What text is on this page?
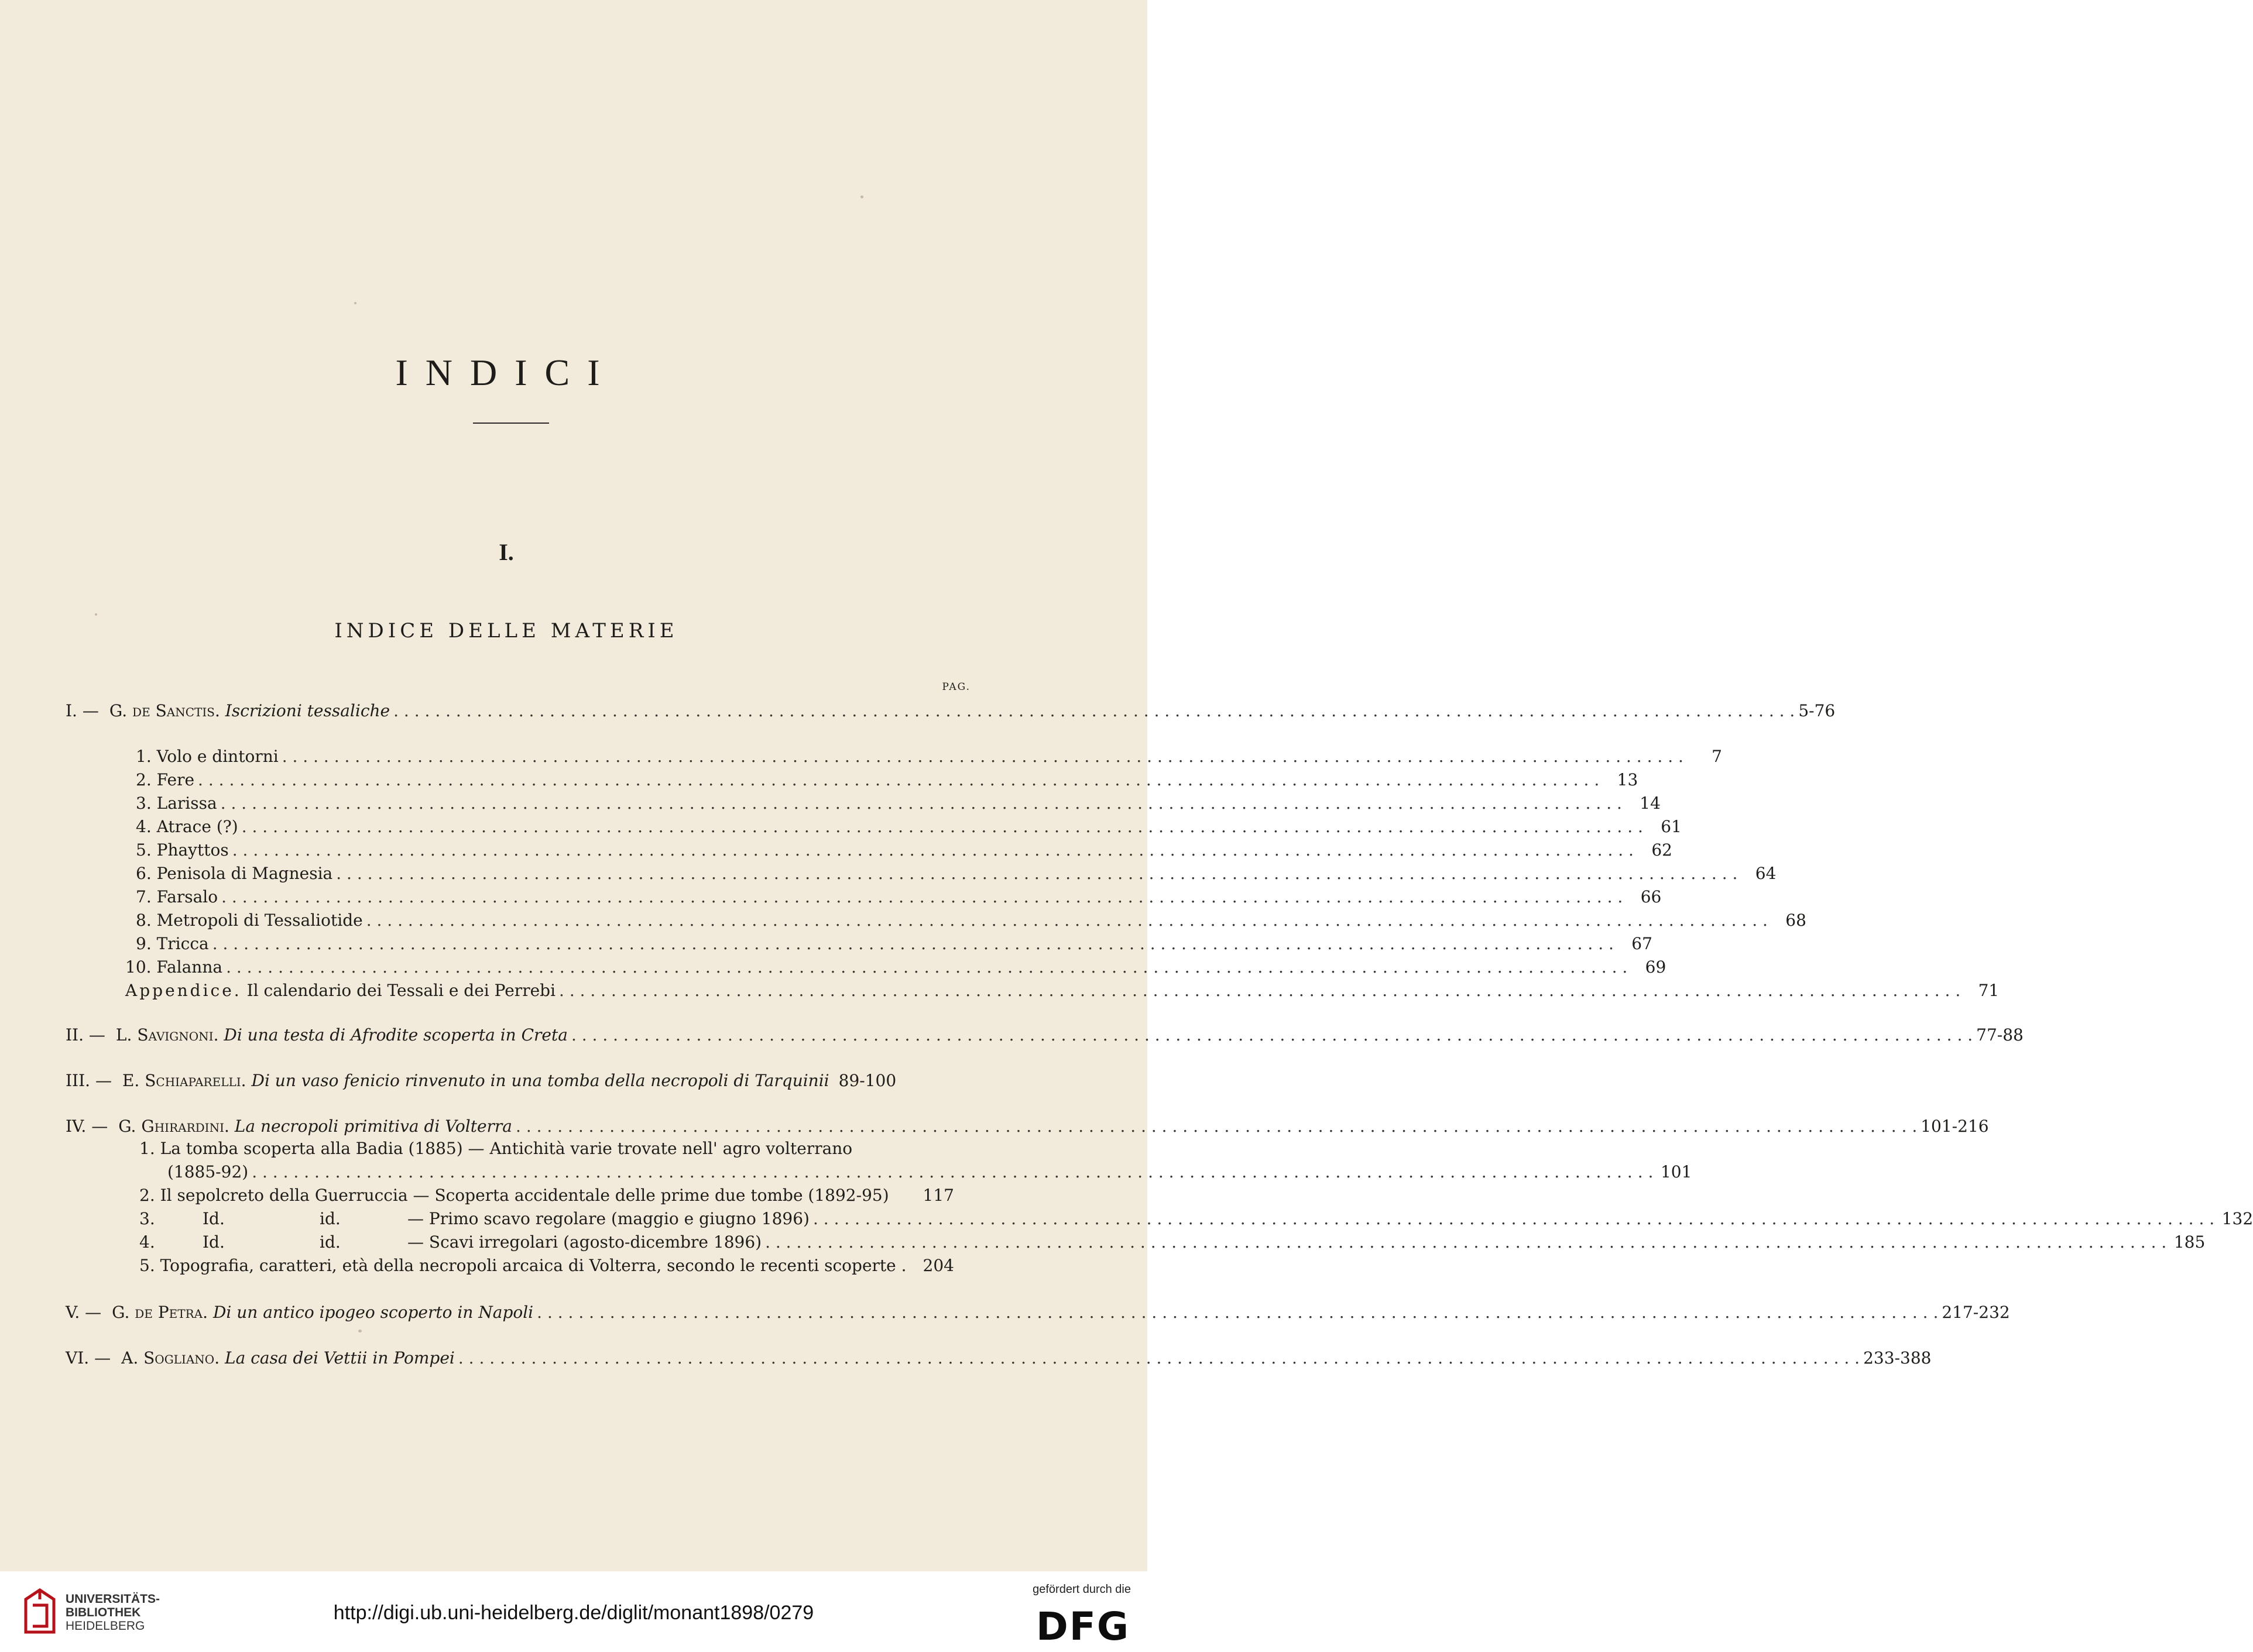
INDICI
I.
INDICE DELLE MATERIE
PAG.
I. — G. de Sanctis. Iscrizioni tessaliche . . .	5-76
1. Volo e dintorni . . .	7
2. Fere . . .	13
3. Larissa . . .	14
4. Atrace (?) . . .	61
5. Phayttos . . .	62
6. Penisola di Magnesia . . .	64
7. Farsalo . . .	66
8. Metropoli di Tessaliotide . . .	68
9. Tricca . . .	67
10. Falanna . . .	69
Appendice. Il calendario dei Tessali e dei Perrebi . . .	71
II. — L. Savignoni. Di una testa di Afrodite scoperta in Creta . . .	77-88
III. — E. Schiaparelli. Di un vaso fenicio rinvenuto in una tomba della necropoli di Tarquinii 89-100
IV. — G. Ghirardini. La necropoli primitiva di Volterra . . .	101-216
1. La tomba scoperta alla Badia (1885) — Antichità varie trovate nell' agro volterrano
(1885-92) . . .	101
2. Il sepolcreto della Guerruccia — Scoperta accidentale delle prime due tombe (1892-95) 117
3.	Id.	id.	— Primo scavo regolare (maggio e giugno 1896) . . .	132
4.	Id.	id.	— Scavi irregolari (agosto-dicembre 1896) . . .	185
5. Topografia, caratteri, età della necropoli arcaica di Volterra, secondo le recenti scoperte . 204
V. — G. de Petra. Di un antico ipogeo scoperto in Napoli . . .	217-232
VI. — A. Sogliano. La casa dei Vettii in Pompei . . .	233-388
UNIVERSITÄTS-
BIBLIOTHEK
HEIDELBERG
http://digi.ub.uni-heidelberg.de/diglit/monant1898/0279
gefördert durch die
DFG
